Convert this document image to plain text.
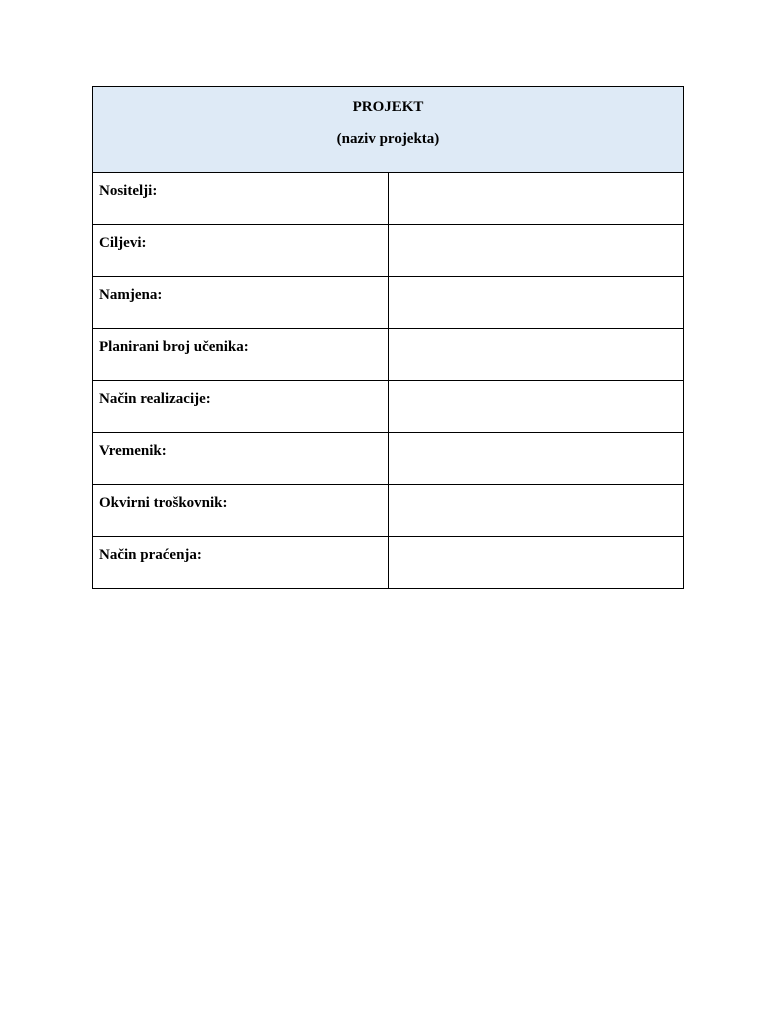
PROJEKT
(naziv projekta)	

Nositelji:	

Ciljevi:	

Namjena:	

Planirani broj učenika:	

Način realizacije:	

Vremenik:	

Okvirni troškovnik:	

Način praćenja:	
